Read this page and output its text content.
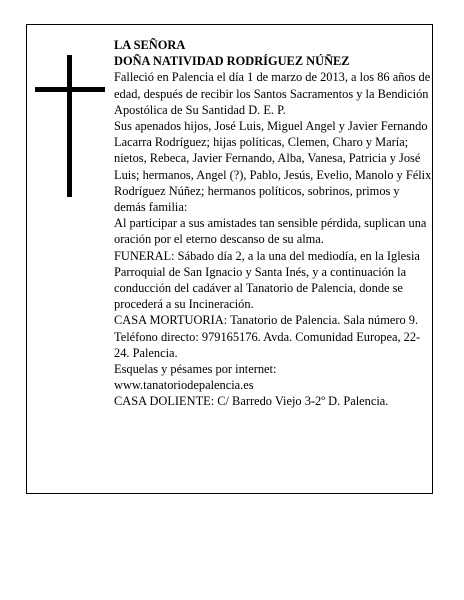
LA SEÑORA

DOÑA NATIVIDAD RODRÍGUEZ NÚÑEZ

Falleció en Palencia el día 1 de marzo de 2013, a los 86 años de edad, después de recibir los Santos Sacramentos y la Bendición Apostólica de Su Santidad D. E. P.

Sus apenados hijos, José Luis, Miguel Angel y Javier Fernando Lacarra Rodríguez; hijas políticas, Clemen, Charo y María; nietos, Rebeca, Javier Fernando, Alba, Vanesa, Patricia y José Luis; hermanos, Angel (?), Pablo, Jesús, Evelio, Manolo y Félix Rodríguez Núñez; hermanos políticos, sobrinos, primos y demás familia:

Al participar a sus amistades tan sensible pérdida, suplican una oración por el eterno descanso de su alma.

FUNERAL: Sábado día 2, a la una del mediodía, en la Iglesia Parroquial de San Ignacio y Santa Inés, y a continuación la conducción del cadáver al Tanatorio de Palencia, donde se procederá a su Incineración.

CASA MORTUORIA: Tanatorio de Palencia. Sala número 9. Teléfono directo: 979165176. Avda. Comunidad Europea, 22-24. Palencia.

Esquelas y pésames por internet:

www.tanatoriodepalencia.es

CASA DOLIENTE: C/ Barredo Viejo 3-2º D. Palencia.
